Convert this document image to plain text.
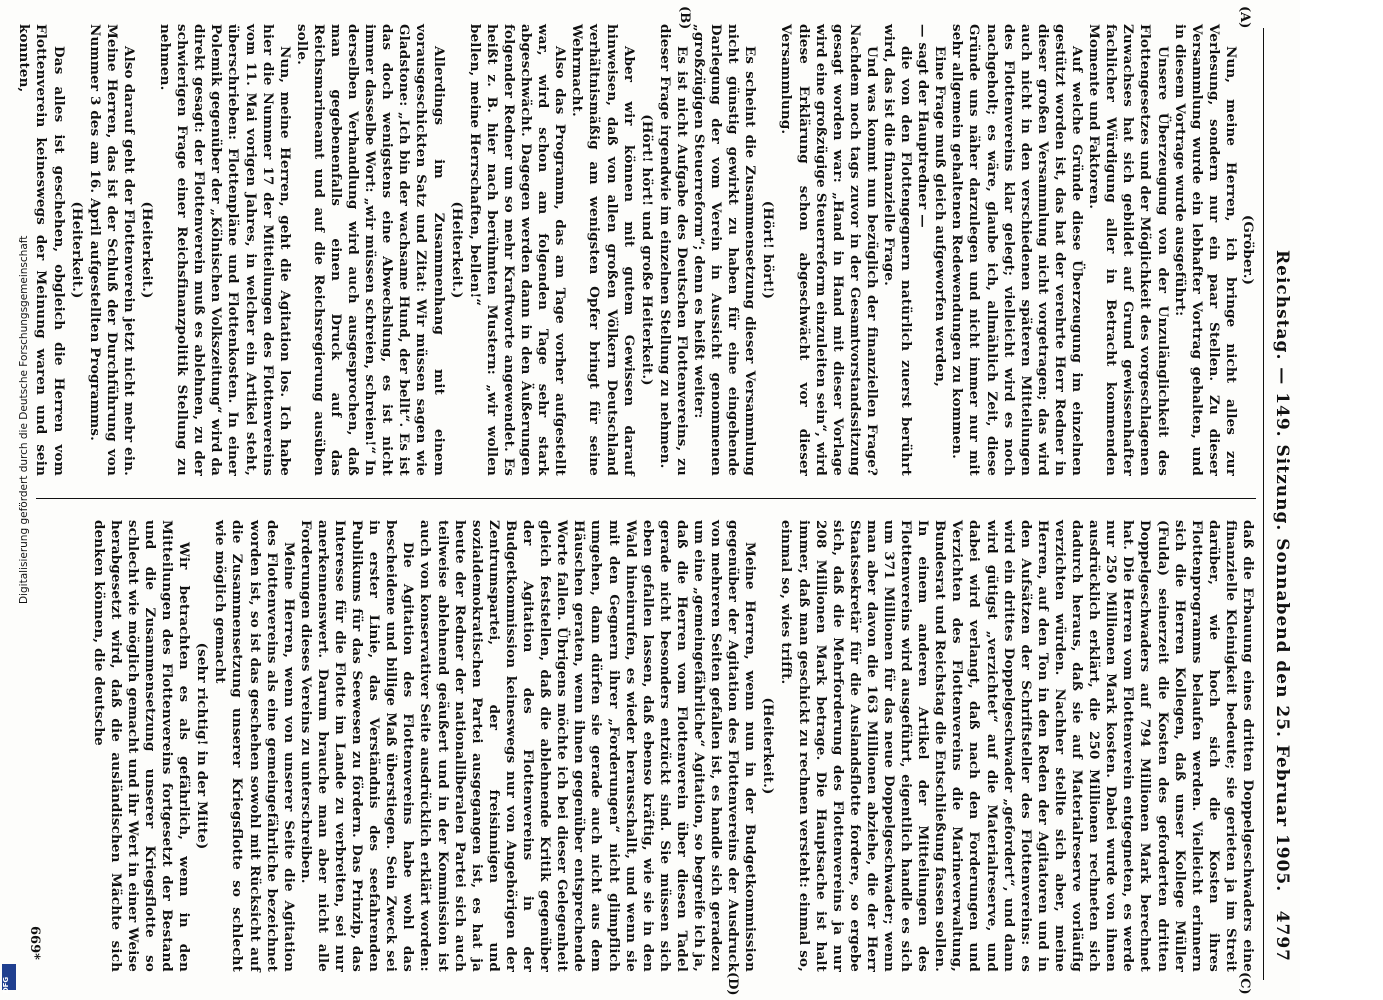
Reichstag. — 149. Sitzung. Sonnabend den 25. Februar 1905.
4797
(A)
(B)
(C)
(D)

(Gröber.)

Nun, meine Herren, ich bringe nicht alles zur Verlesung, sondern nur ein paar Stellen. Zu dieser Versammlung wurde ein lebhafter Vortrag gehalten, und in diesem Vortrage wurde ausgeführt:

Unsere Überzeugung von der Unzulänglichkeit des Flottengesetzes und der Möglichkeit des vorgeschlagenen Zuwachses hat sich gebildet auf Grund gewissenhafter fachlicher Würdigung aller in Betracht kommenden Momente und Faktoren.

Auf welche Gründe diese Überzeugung im einzelnen gestützt worden ist, das hat der verehrte Herr Redner in dieser großen Versammlung nicht vorgetragen; das wird auch nicht in den verschiedenen späteren Mitteilungen des Flottenvereins klar gelegt; vielleicht wird es noch nachgeholt; es wäre, glaube ich, allmählich Zeit, diese Gründe uns näher darzulegen und nicht immer nur mit sehr allgemein gehaltenen Redewendungen zu kommen.

Eine Frage muß gleich aufgeworfen werden,

— sagt der Hauptredner —

die von den Flottengegnern natürlich zuerst berührt wird, das ist die finanzielle Frage.

Und was kommt nun bezüglich der finanziellen Frage? Nachdem noch tags zuvor in der Gesamtvorstandssitzung gesagt worden war: „Hand in Hand mit dieser Vorlage wird eine großzügige Steuerreform einzuleiten sein“, wird diese Erklärung schon abgeschwächt vor dieser Versammlung.

(Hört! hört!)

Es scheint die Zusammensetzung dieser Versammlung nicht günstig gewirkt zu haben für eine eingehende Darlegung der vom Verein in Aussicht genommenen „großzügigen Steuerreform“; denn es heißt weiter:

Es ist nicht Aufgabe des Deutschen Flottenvereins, zu dieser Frage irgendwie im einzelnen Stellung zu nehmen.

(Hört! hört! und große Heiterkeit.)

Aber wir können mit gutem Gewissen darauf hinweisen, daß von allen großen Völkern Deutschland verhältnismäßig am wenigsten Opfer bringt für seine Wehrmacht.

Also das Programm, das am Tage vorher aufgestellt war, wird schon am folgenden Tage sehr stark abgeschwächt. Dagegen werden dann in den Äußerungen folgender Redner um so mehr Kraftworte angewendet. Es heißt z. B. hier nach berühmten Mustern: „wir wollen bellen, meine Herrschaften, bellen!“

(Heiterkeit.)

Allerdings im Zusammenhang mit einem vorausgeschickten Satz und Zitat: Wir müssen sagen wie Gladstone: „Ich bin der wachsame Hund, der bellt“. Es ist das doch wenigstens eine Abwechslung, es ist nicht immer dasselbe Wort: „wir müssen schreien, schreien!“ In derselben Verhandlung wird auch ausgesprochen, daß man gegebenenfalls einen Druck auf das Reichsmarineamt und auf die Reichsregierung ausüben solle.

Nun, meine Herren, geht die Agitation los. Ich habe hier die Nummer 17 der Mitteilungen des Flottenvereins vom 11. Mai vorigen Jahres, in welcher ein Artikel steht, überschrieben: Flottenpläne und Flottenkosten. In einer Polemik gegenüber der „Kölnischen Volkszeitung“ wird da direkt gesagt: der Flottenverein muß es ablehnen, zu der schwierigen Frage einer Reichsfinanzpolitik Stellung zu nehmen.

(Heiterkeit.)

Also darauf geht der Flottenverein jetzt nicht mehr ein. Meine Herren, das ist der Schluß der Durchführung von Nummer 3 des am 16. April aufgestellten Programms.

(Heiterkeit.)

Das alles ist geschehen, obgleich die Herren vom Flottenverein keineswegs der Meinung waren und sein konnten,

daß die Erbauung eines dritten Doppelgeschwaders eine finanzielle Kleinigkeit bedeute; sie gerieten ja im Streit darüber, wie hoch sich die Kosten ihres Flottenprogramms belaufen werden. Vielleicht erinnern sich die Herren Kollegen, daß unser Kollege Müller (Fulda) seinerzeit die Kosten des geforderten dritten Doppelgeschwaders auf 794 Millionen Mark berechnet hat. Die Herren vom Flottenverein entgegneten, es werde nur 250 Millionen Mark kosten. Dabei wurde von ihnen ausdrücklich erklärt, die 250 Millionen rechneten sich dadurch heraus, daß sie auf Materialreserve vorläufig verzichten würden. Nachher stellte sich aber, meine Herren, auf den Ton in den Reden der Agitatoren und in den Aufsätzen der Schriftsteller des Flottenvereins: es wird ein drittes Doppelgeschwader „gefordert“, und dann wird gütigst „verzichtet“ auf die Materialreserve, und dabei wird verlangt, daß nach den Forderungen und Verzichten des Flottenvereins die Marineverwaltung, Bundesrat und Reichstag die Entschließung fassen sollen. In einem anderen Artikel der Mitteilungen des Flottenvereins wird ausgeführt, eigentlich handle es sich um 371 Millionen für das neue Doppelgeschwader; wenn man aber davon die 163 Millionen abziehe, die der Herr Staatssekretär für die Auslandsflotte fordere, so ergebe sich, daß die Mehrforderung des Flottenvereins ja nur 208 Millionen Mark betrage. Die Hauptsache ist halt immer, daß man geschickt zu rechnen versteht: einmal so, einmal so, wies trifft.

(Heiterkeit.)

Meine Herren, wenn nun in der Budgetkommission gegenüber der Agitation des Flottenvereins der Ausdruck von mehreren Seiten gefallen ist, es handle sich geradezu um eine „gemeingefährliche“ Agitation, so begreife ich ja, daß die Herren vom Flottenverein über diesen Tadel gerade nicht besonders entzückt sind. Sie müssen sich eben gefallen lassen, daß ebenso kräftig, wie sie in den Wald hineinrufen, es wieder herausschallt, und wenn sie mit den Gegnern ihrer „Forderungen“ nicht glimpflich umgehen, dann dürfen sie gerade auch nicht aus dem Häuschen geraten, wenn ihnen gegenüber entsprechende Worte fallen. Übrigens möchte ich bei dieser Gelegenheit gleich feststellen, daß die ablehnende Kritik gegenüber der Agitation des Flottenvereins in der Budgetkommission keineswegs nur von Angehörigen der Zentrumspartei, der freisinnigen und sozialdemokratischen Partei ausgegangen ist, es hat ja heute der Redner der nationalliberalen Partei sich auch teilweise ablehnend geäußert und in der Kommission ist auch von konservativer Seite ausdrücklich erklärt worden:

Die Agitation des Flottenvereins habe wohl das bescheidene und billige Maß überstiegen. Sein Zweck sei in erster Linie, das Verständnis des seefahrenden Publikums für das Seewesen zu fördern. Das Prinzip, das Interesse für die Flotte im Lande zu verbreiten, sei nur anerkennenswert. Darum brauche man aber nicht alle Forderungen dieses Vereins zu unterschreiben.

Meine Herren, wenn von unserer Seite die Agitation des Flottenvereins als eine gemeingefährliche bezeichnet worden ist, so ist das geschehen sowohl mit Rücksicht auf die Zusammensetzung unserer Kriegsflotte so schlecht wie möglich gemacht

(sehr richtig! in der Mitte)

Wir betrachten es als gefährlich, wenn in den Mitteilungen des Flottenvereins fortgesetzt der Bestand und die Zusammensetzung unserer Kriegsflotte so schlecht wie möglich gemacht und ihr Wert in einer Weise herabgesetzt wird, daß die ausländischen Mächte sich denken können, die deutsche

669*
Digitalisierung gefördert durch die Deutsche Forschungsgemeinschaft
DFG
